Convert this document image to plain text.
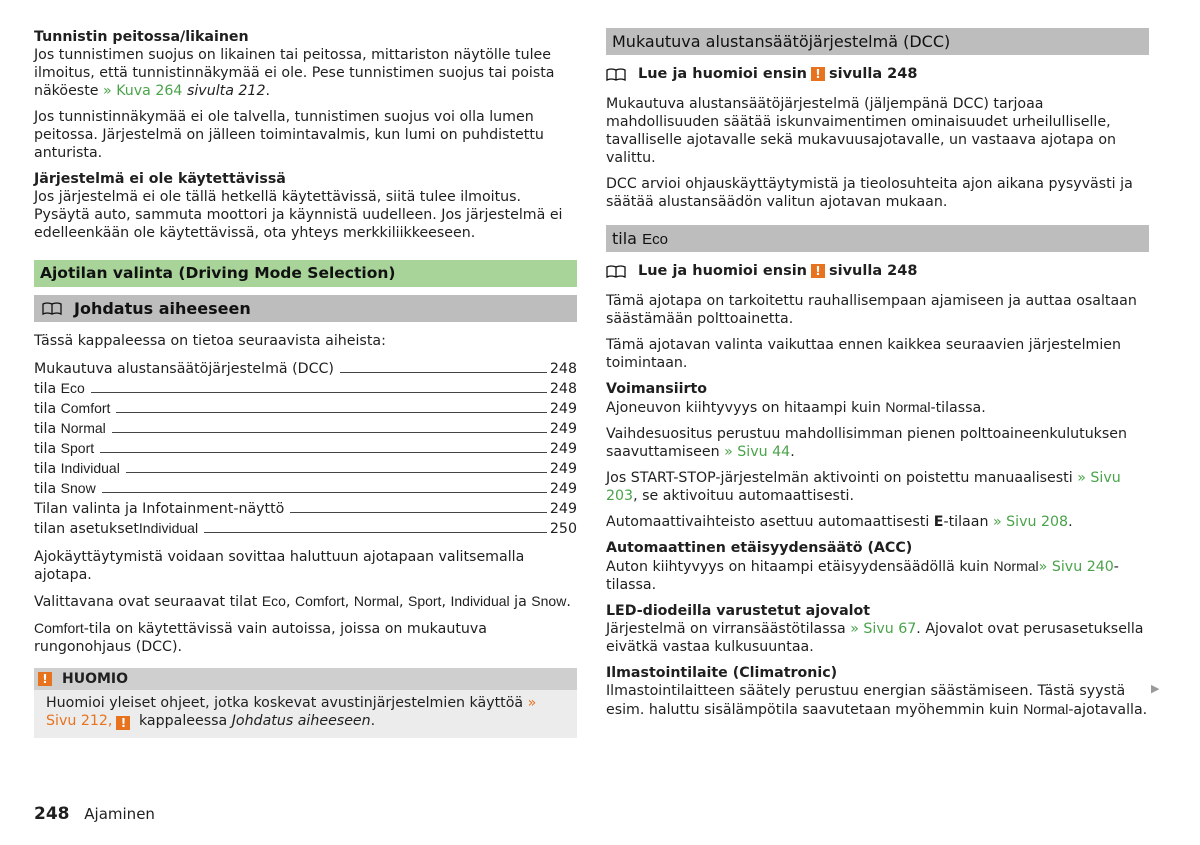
Tunnistin peitossa/likainen
Jos tunnistimen suojus on likainen tai peitossa, mittariston näytölle tulee ilmoitus, että tunnistinnäkymää ei ole. Pese tunnistimen suojus tai poista näköeste » Kuva 264 sivulta 212.

Jos tunnistinnäkymää ei ole talvella, tunnistimen suojus voi olla lumen peitossa. Järjestelmä on jälleen toimintavalmis, kun lumi on puhdistettu anturista.

Järjestelmä ei ole käytettävissä
Jos järjestelmä ei ole tällä hetkellä käytettävissä, siitä tulee ilmoitus. Pysäytä auto, sammuta moottori ja käynnistä uudelleen. Jos järjestelmä ei edelleenkään ole käytettävissä, ota yhteys merkkiliikkeeseen.

Ajotilan valinta (Driving Mode Selection)
Johdatus aiheeseen

Tässä kappaleessa on tietoa seuraavista aiheista:

Mukautuva alustansäätöjärjestelmä (DCC)	248
tila Eco	248
tila Comfort	249
tila Normal	249
tila Sport	249
tila Individual	249
tila Snow	249
Tilan valinta ja Infotainment-näyttö	249
tilan asetuksetIndividual	250

Ajokäyttäytymistä voidaan sovittaa haluttuun ajotapaan valitsemalla ajotapa.

Valittavana ovat seuraavat tilat Eco, Comfort, Normal, Sport, Individual ja Snow.

Comfort-tila on käytettävissä vain autoissa, joissa on mukautuva rungonohjaus (DCC).

!	HUOMIO
Huomioi yleiset ohjeet, jotka koskevat avustinjärjestelmien käyttöä » Sivu 212, ! kappaleessa Johdatus aiheeseen.
Mukautuva alustansäätöjärjestelmä (DCC)
Lue ja huomioi ensin ! sivulla 248

Mukautuva alustansäätöjärjestelmä (jäljempänä DCC) tarjoaa mahdollisuuden säätää iskunvaimentimen ominaisuudet urheilulliselle, tavalliselle ajotavalle sekä mukavuusajotavalle, un vastaava ajotapa on valittu.

DCC arvioi ohjauskäyttäytymistä ja tieolosuhteita ajon aikana pysyvästi ja säätää alustansäädön valitun ajotavan mukaan.

tila Eco
Lue ja huomioi ensin ! sivulla 248

Tämä ajotapa on tarkoitettu rauhallisempaan ajamiseen ja auttaa osaltaan säästämään polttoainetta.

Tämä ajotavan valinta vaikuttaa ennen kaikkea seuraavien järjestelmien toimintaan.

Voimansiirto
Ajoneuvon kiihtyvyys on hitaampi kuin Normal-tilassa.

Vaihdesuositus perustuu mahdollisimman pienen polttoaineenkulutuksen saavuttamiseen » Sivu 44.

Jos START-STOP-järjestelmän aktivointi on poistettu manuaalisesti » Sivu 203, se aktivoituu automaattisesti.

Automaattivaihteisto asettuu automaattisesti E-tilaan » Sivu 208.

Automaattinen etäisyydensäätö (ACC)
Auton kiihtyvyys on hitaampi etäisyydensäädöllä kuin Normal» Sivu 240-tilassa.

LED-diodeilla varustetut ajovalot
Järjestelmä on virransäästötilassa » Sivu 67. Ajovalot ovat perusasetuksella eivätkä vastaa kulkusuuntaa.

Ilmastointilaite (Climatronic)
Ilmastointilaitteen säätely perustuu energian säästämiseen. Tästä syystä esim. haluttu sisälämpötila saavutetaan myöhemmin kuin Normal-ajotavalla.

▶
248 Ajaminen
